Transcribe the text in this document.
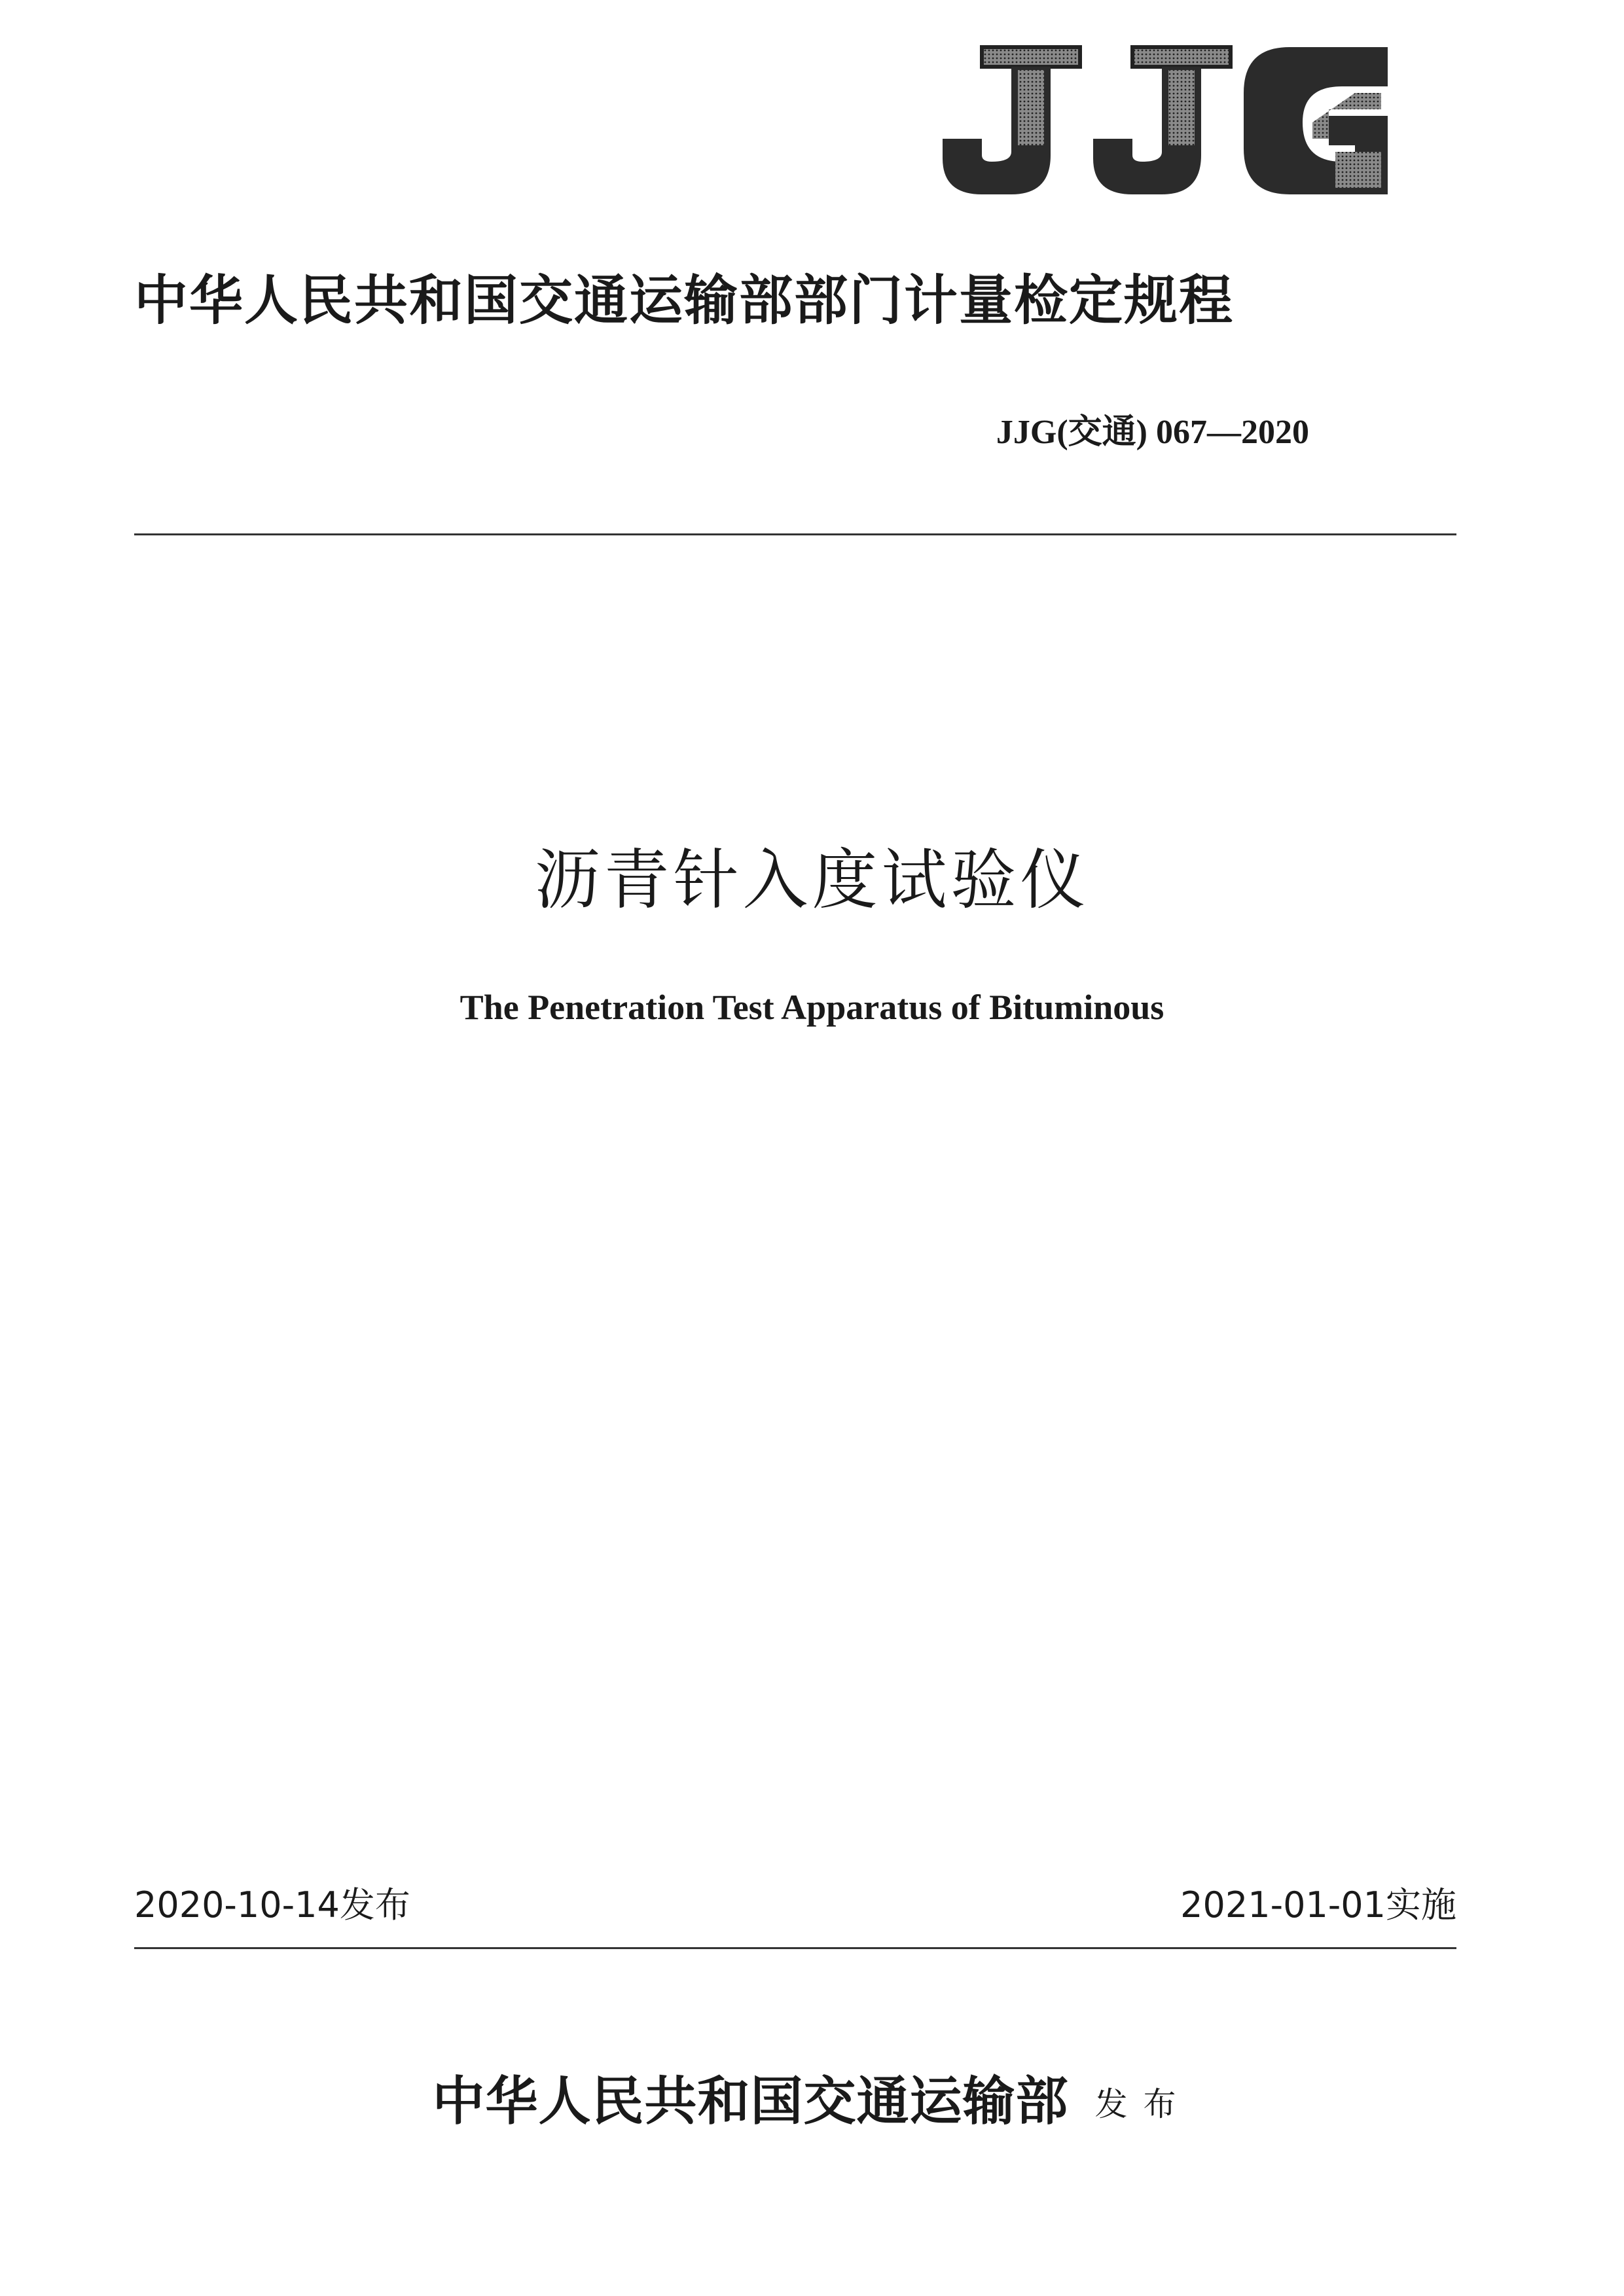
中华人民共和国交通运输部部门计量检定规程
JJG(交通) 067—2020
沥青针入度试验仪
The Penetration Test Apparatus of Bituminous
2020-10-14发布	2021-01-01实施
中华人民共和国交通运输部 发布
